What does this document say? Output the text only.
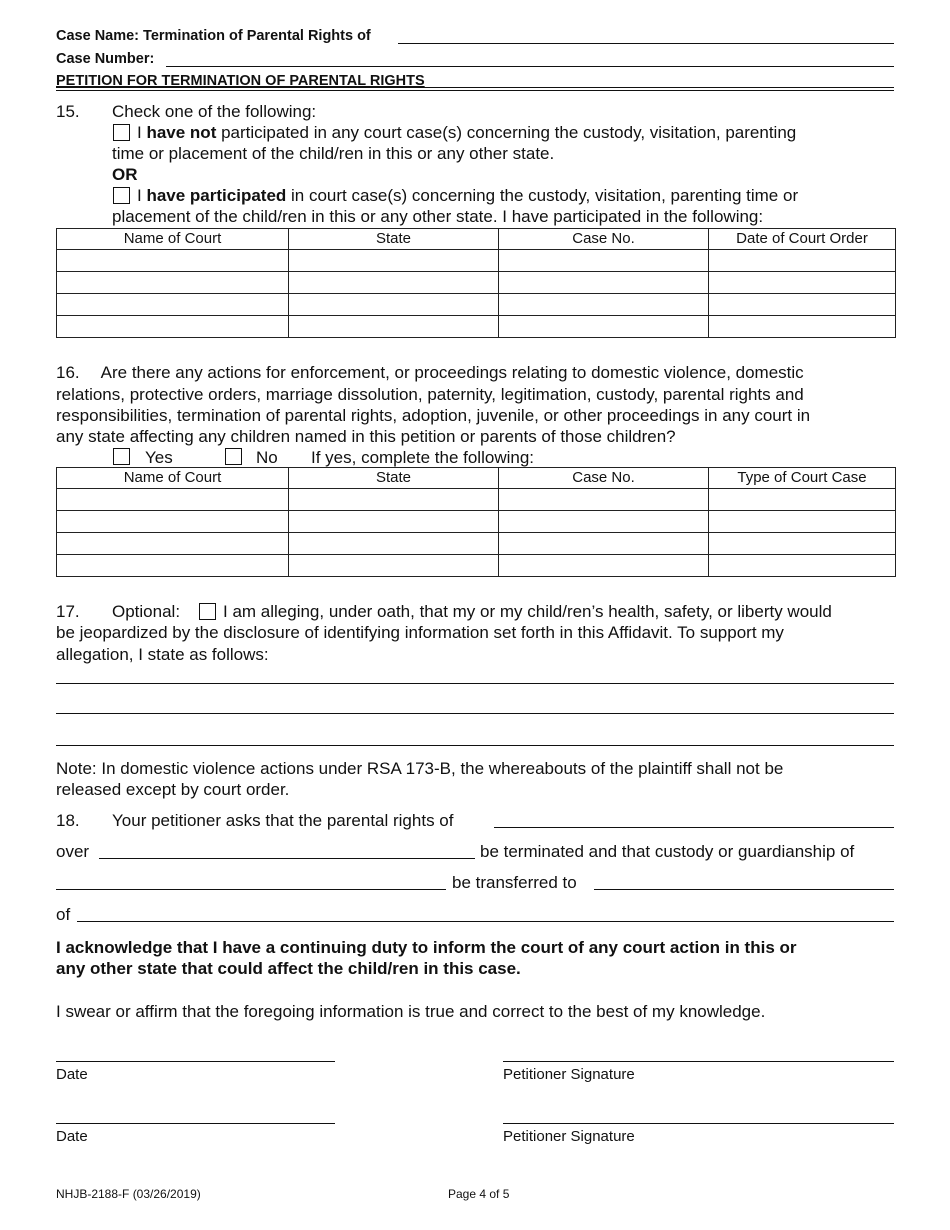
Case Name: Termination of Parental Rights of
Case Number:
PETITION FOR TERMINATION OF PARENTAL RIGHTS
15. Check one of the following:
I have not participated in any court case(s) concerning the custody, visitation, parenting
time or placement of the child/ren in this or any other state.
OR
I have participated in court case(s) concerning the custody, visitation, parenting time or
placement of the child/ren in this or any other state. I have participated in the following:
Name of Court	State	Case No.	Date of Court Order

16. Are there any actions for enforcement, or proceedings relating to domestic violence, domestic
relations, protective orders, marriage dissolution, paternity, legitimation, custody, parental rights and
responsibilities, termination of parental rights, adoption, juvenile, or other proceedings in any court in
any state affecting any children named in this petition or parents of those children?
Yes	No If yes, complete the following:
Name of Court	State	Case No.	Type of Court Case

17. Optional:	I am alleging, under oath, that my or my child/ren’s health, safety, or liberty would
be jeopardized by the disclosure of identifying information set forth in this Affidavit. To support my
allegation, I state as follows:
Note: In domestic violence actions under RSA 173-B, the whereabouts of the plaintiff shall not be
released except by court order.
18. Your petitioner asks that the parental rights of
over	be terminated and that custody or guardianship of
be transferred to
of
I acknowledge that I have a continuing duty to inform the court of any court action in this or
any other state that could affect the child/ren in this case.
I swear or affirm that the foregoing information is true and correct to the best of my knowledge.
Date	Petitioner Signature
Date	Petitioner Signature
NHJB-2188-F (03/26/2019)	Page 4 of 5
